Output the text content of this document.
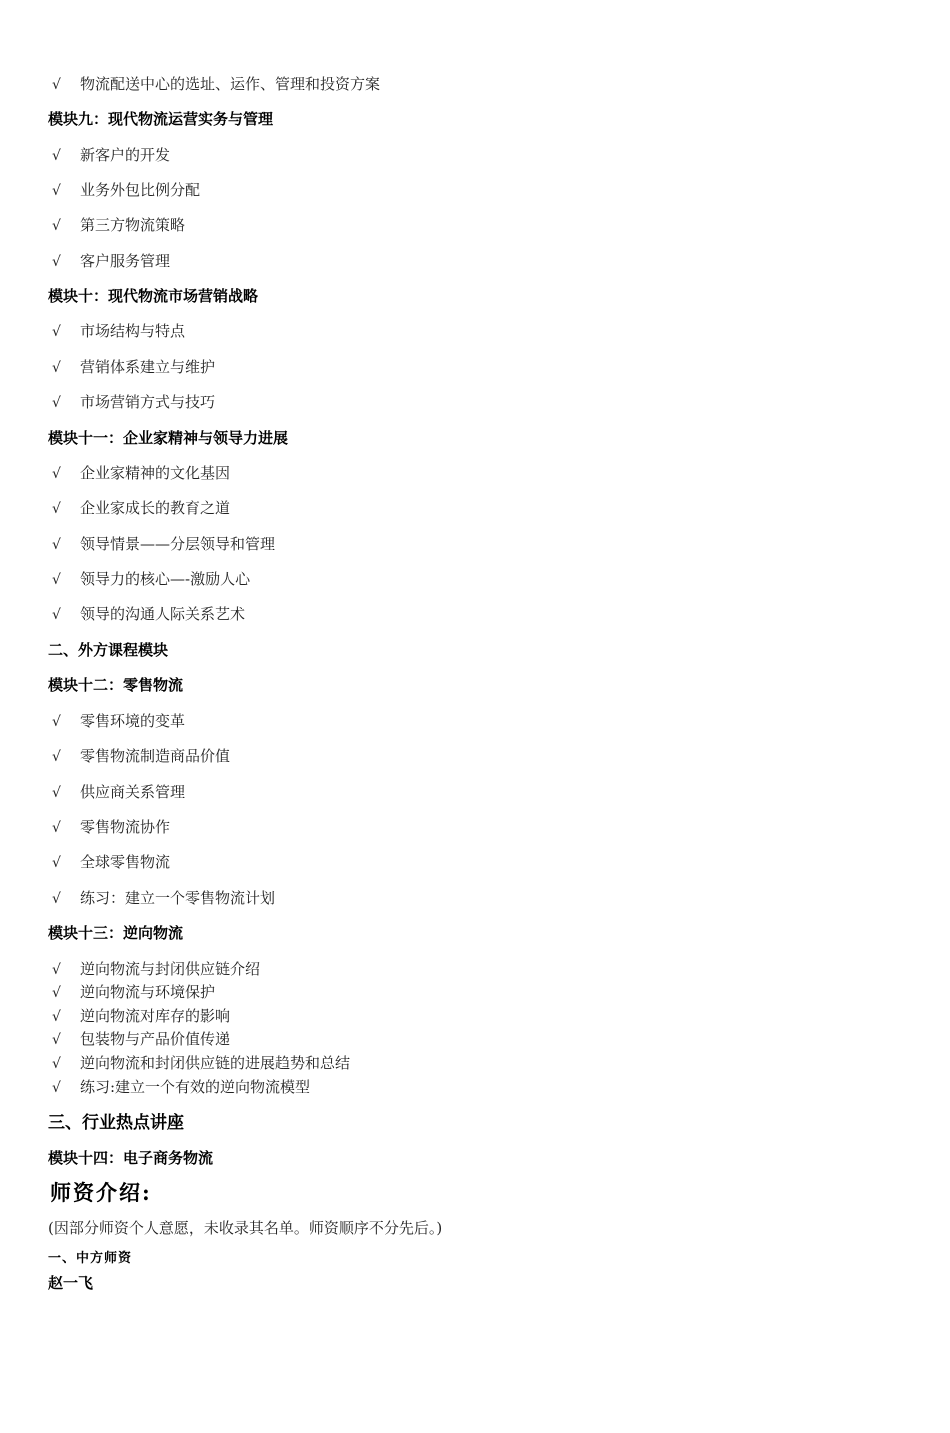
√ 物流配送中心的选址、运作、管理和投资方案
模块九：现代物流运营实务与管理
√ 新客户的开发
√ 业务外包比例分配
√ 第三方物流策略
√ 客户服务管理
模块十：现代物流市场营销战略
√ 市场结构与特点
√ 营销体系建立与维护
√ 市场营销方式与技巧
模块十一：企业家精神与领导力进展
√ 企业家精神的文化基因
√ 企业家成长的教育之道
√ 领导情景——分层领导和管理
√ 领导力的核心—-激励人心
√ 领导的沟通人际关系艺术
二、外方课程模块
模块十二：零售物流
√ 零售环境的变革
√ 零售物流制造商品价值
√ 供应商关系管理
√ 零售物流协作
√ 全球零售物流
√ 练习：建立一个零售物流计划
模块十三：逆向物流
√ 逆向物流与封闭供应链介绍
√ 逆向物流与环境保护
√ 逆向物流对库存的影响
√ 包装物与产品价值传递
√ 逆向物流和封闭供应链的进展趋势和总结
√ 练习:建立一个有效的逆向物流模型
三、行业热点讲座
模块十四：电子商务物流
师资介绍:
(因部分师资个人意愿，未收录其名单。师资顺序不分先后。)
一、中方师资
赵一飞
